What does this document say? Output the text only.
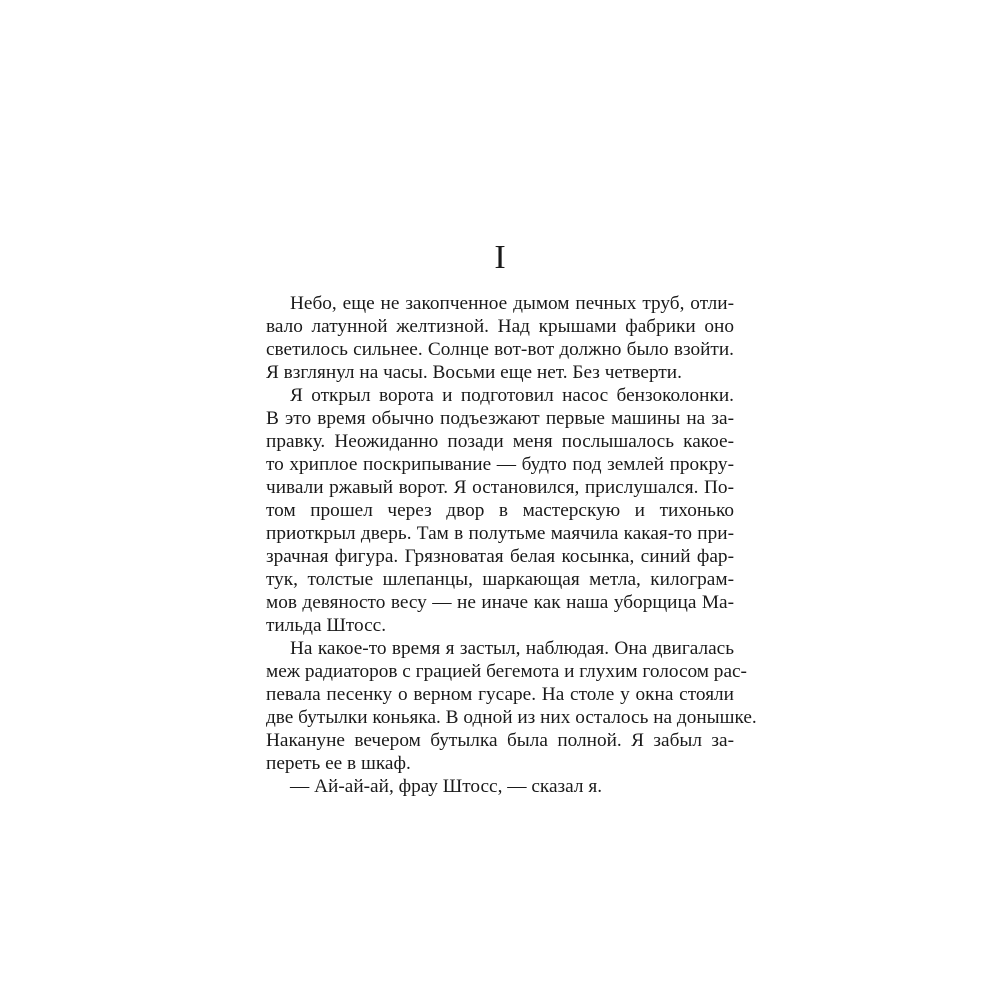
I
Небо, еще не закопченное дымом печных труб, отли-
вало латунной желтизной. Над крышами фабрики оно
светилось сильнее. Солнце вот-вот должно было взойти.
Я взглянул на часы. Восьми еще нет. Без четверти.
Я открыл ворота и подготовил насос бензоколонки.
В это время обычно подъезжают первые машины на за-
правку. Неожиданно позади меня послышалось какое-
то хриплое поскрипывание — будто под землей прокру-
чивали ржавый ворот. Я остановился, прислушался. По-
том прошел через двор в мастерскую и тихонько
приоткрыл дверь. Там в полутьме маячила какая-то при-
зрачная фигура. Грязноватая белая косынка, синий фар-
тук, толстые шлепанцы, шаркающая метла, килограм-
мов девяносто весу — не иначе как наша уборщица Ма-
тильда Штосс.
На какое-то время я застыл, наблюдая. Она двигалась
меж радиаторов с грацией бегемота и глухим голосом рас-
певала песенку о верном гусаре. На столе у окна стояли
две бутылки коньяка. В одной из них осталось на донышке.
Накануне вечером бутылка была полной. Я забыл за-
переть ее в шкаф.
— Ай-ай-ай, фрау Штосс, — сказал я.
